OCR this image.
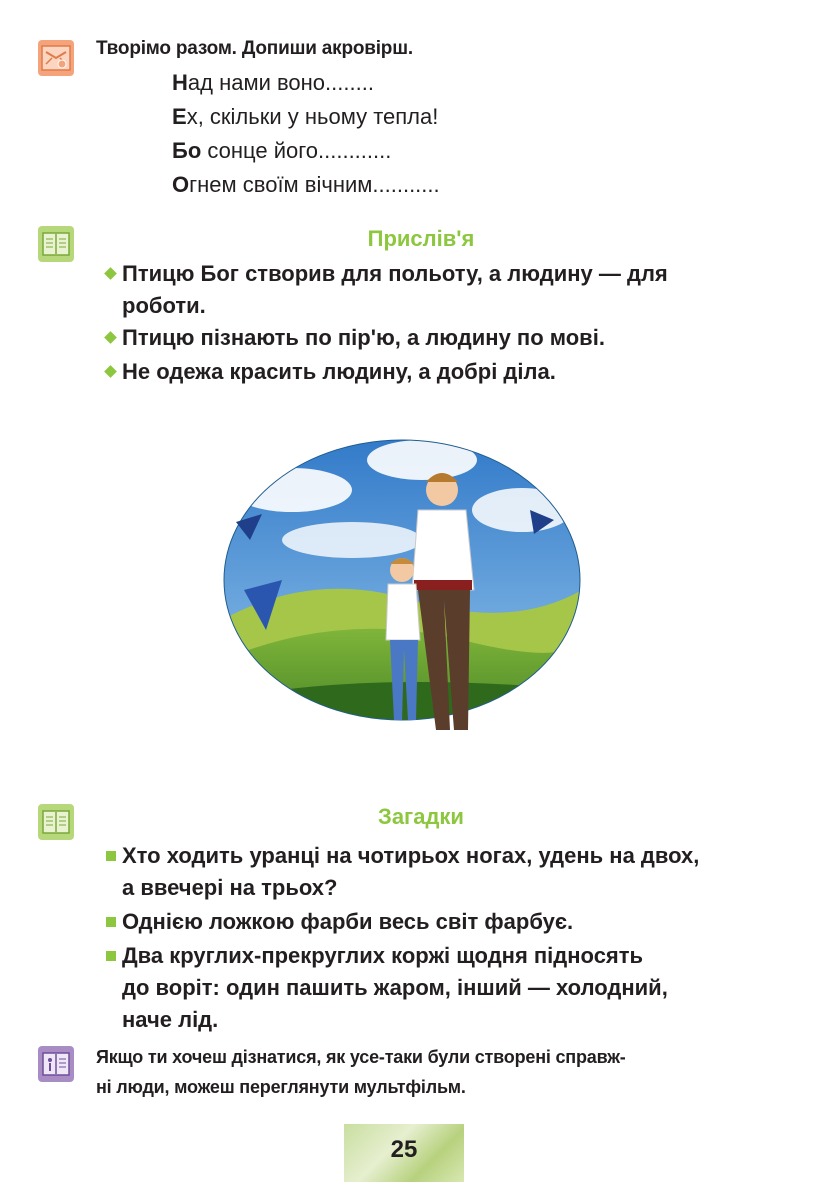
Творімо разом. Допиши акровірш.
Над нами воно........
Ех, скільки у ньому тепла!
Бо сонце його............
Огнем своїм вічним...........
Прислів'я
Птицю Бог створив для польоту, а людину — для
роботи.
Птицю пізнають по пір'ю, а людину по мові.
Не одежа красить людину, а добрі діла.
Загадки
Хто ходить уранці на чотирьох ногах, удень на двох,
а ввечері на трьох?
Однією ложкою фарби весь світ фарбує.
Два круглих-прекруглих коржі щодня підносять
до воріт: один пашить жаром, інший — холодний,
наче лід.
Якщо ти хочеш дізнатися, як усе-таки були створені справж-
ні люди, можеш переглянути мультфільм.
25
